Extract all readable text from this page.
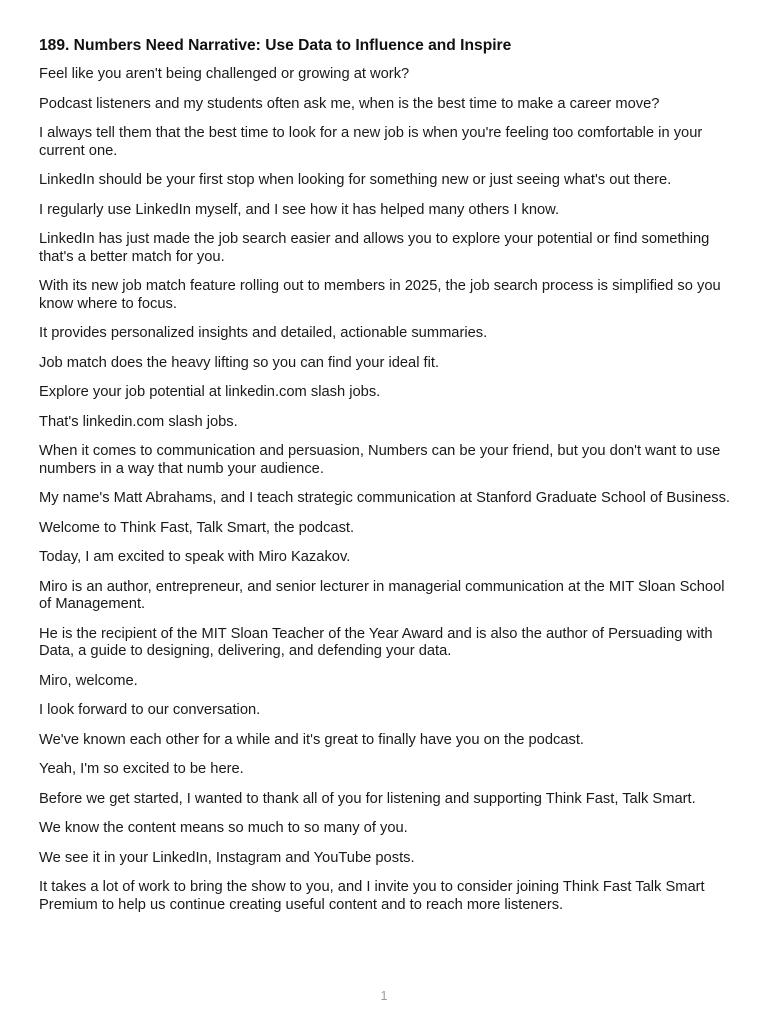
189. Numbers Need Narrative: Use Data to Influence and Inspire

Feel like you aren't being challenged or growing at work?

Podcast listeners and my students often ask me, when is the best time to make a career move?

I always tell them that the best time to look for a new job is when you're feeling too comfortable in your current one.

LinkedIn should be your first stop when looking for something new or just seeing what's out there.

I regularly use LinkedIn myself, and I see how it has helped many others I know.

LinkedIn has just made the job search easier and allows you to explore your potential or find something that's a better match for you.

With its new job match feature rolling out to members in 2025, the job search process is simplified so you know where to focus.

It provides personalized insights and detailed, actionable summaries.

Job match does the heavy lifting so you can find your ideal fit.

Explore your job potential at linkedin.com slash jobs.

That's linkedin.com slash jobs.

When it comes to communication and persuasion, Numbers can be your friend, but you don't want to use numbers in a way that numb your audience.

My name's Matt Abrahams, and I teach strategic communication at Stanford Graduate School of Business.

Welcome to Think Fast, Talk Smart, the podcast.

Today, I am excited to speak with Miro Kazakov.

Miro is an author, entrepreneur, and senior lecturer in managerial communication at the MIT Sloan School of Management.

He is the recipient of the MIT Sloan Teacher of the Year Award and is also the author of Persuading with Data, a guide to designing, delivering, and defending your data.

Miro, welcome.

I look forward to our conversation.

We've known each other for a while and it's great to finally have you on the podcast.

Yeah, I'm so excited to be here.

Before we get started, I wanted to thank all of you for listening and supporting Think Fast, Talk Smart.

We know the content means so much to so many of you.

We see it in your LinkedIn, Instagram and YouTube posts.

It takes a lot of work to bring the show to you, and I invite you to consider joining Think Fast Talk Smart Premium to help us continue creating useful content and to reach more listeners.

1
